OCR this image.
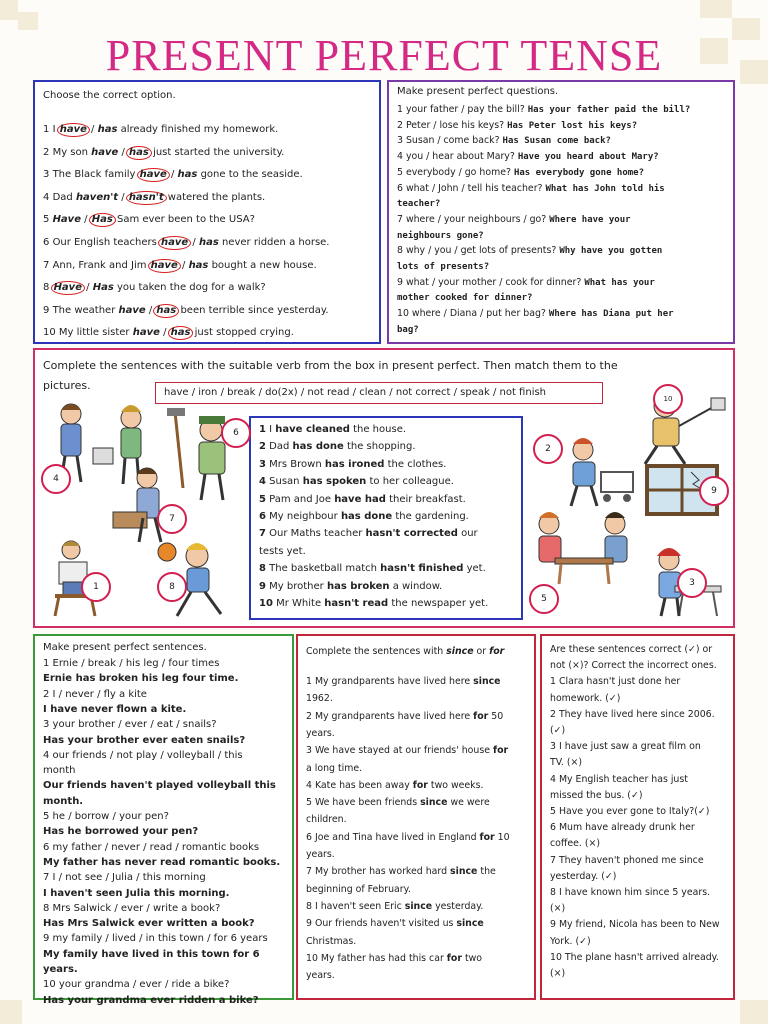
PRESENT PERFECT TENSE
Choose the correct option.
1 I have / has already finished my homework.
2 My son have / has just started the university.
3 The Black family have / has gone to the seaside.
4 Dad haven't / hasn't watered the plants.
5 Have / Has Sam ever been to the USA?
6 Our English teachers have / has never ridden a horse.
7 Ann, Frank and Jim have / has bought a new house.
8 Have / Has you taken the dog for a walk?
9 The weather have / has been terrible since yesterday.
10 My little sister have / has just stopped crying.
Make present perfect questions.
1 your father / pay the bill? Has your father paid the bill?
2 Peter / lose his keys? Has Peter lost his keys?
3 Susan / come back? Has Susan come back?
4 you / hear about Mary? Have you heard about Mary?
5 everybody / go home? Has everybody gone home?
6 what / John / tell his teacher? What has John told his
teacher?
7 where / your neighbours / go? Where have your
neighbours gone?
8 why / you / get lots of presents? Why have you gotten
lots of presents?
9 what / your mother / cook for dinner? What has your
mother cooked for dinner?
10 where / Diana / put her bag? Where has Diana put her
bag?
Complete the sentences with the suitable verb from the box in present perfect. Then match them to the
pictures.
have / iron / break / do(2x) / not read / clean / not correct / speak / not finish
1 I have cleaned the house.
2 Dad has done the shopping.
3 Mrs Brown has ironed the clothes.
4 Susan has spoken to her colleague.
5 Pam and Joe have had their breakfast.
6 My neighbour has done the gardening.
7 Our Maths teacher hasn't corrected our
tests yet.
8 The basketball match hasn't finished yet.
9 My brother has broken a window.
10 Mr White hasn't read the newspaper yet.
6
4
7
1	8
10
2
9
3
5
Make present perfect sentences.
1 Ernie / break / his leg / four times
Ernie has broken his leg four time.
2 I / never / fly a kite
I have never flown a kite.
3 your brother / ever / eat / snails?
Has your brother ever eaten snails?
4 our friends / not play / volleyball / this
month
Our friends haven't played volleyball this
month.
5 he / borrow / your pen?
Has he borrowed your pen?
6 my father / never / read / romantic books
My father has never read romantic books.
7 I / not see / Julia / this morning
I haven't seen Julia this morning.
8 Mrs Salwick / ever / write a book?
Has Mrs Salwick ever written a book?
9 my family / lived / in this town / for 6 years
My family have lived in this town for 6
years.
10 your grandma / ever / ride a bike?
Has your grandma ever ridden a bike?
Complete the sentences with since or for
1 My grandparents have lived here since
1962.
2 My grandparents have lived here for 50
years.
3 We have stayed at our friends' house for
a long time.
4 Kate has been away for two weeks.
5 We have been friends since we were
children.
6 Joe and Tina have lived in England for 10
years.
7 My brother has worked hard since the
beginning of February.
8 I haven't seen Eric since yesterday.
9 Our friends haven't visited us since
Christmas.
10 My father has had this car for two
years.
Are these sentences correct (✓) or
not (×)? Correct the incorrect ones.
1 Clara hasn't just done her
homework. (✓)
2 They have lived here since 2006.
(✓)
3 I have just saw a great film on
TV. (×)
4 My English teacher has just
missed the bus. (✓)
5 Have you ever gone to Italy?(✓)
6 Mum have already drunk her
coffee. (×)
7 They haven't phoned me since
yesterday. (✓)
8 I have known him since 5 years.
(×)
9 My friend, Nicola has been to New
York. (✓)
10 The plane hasn't arrived already.
(×)
